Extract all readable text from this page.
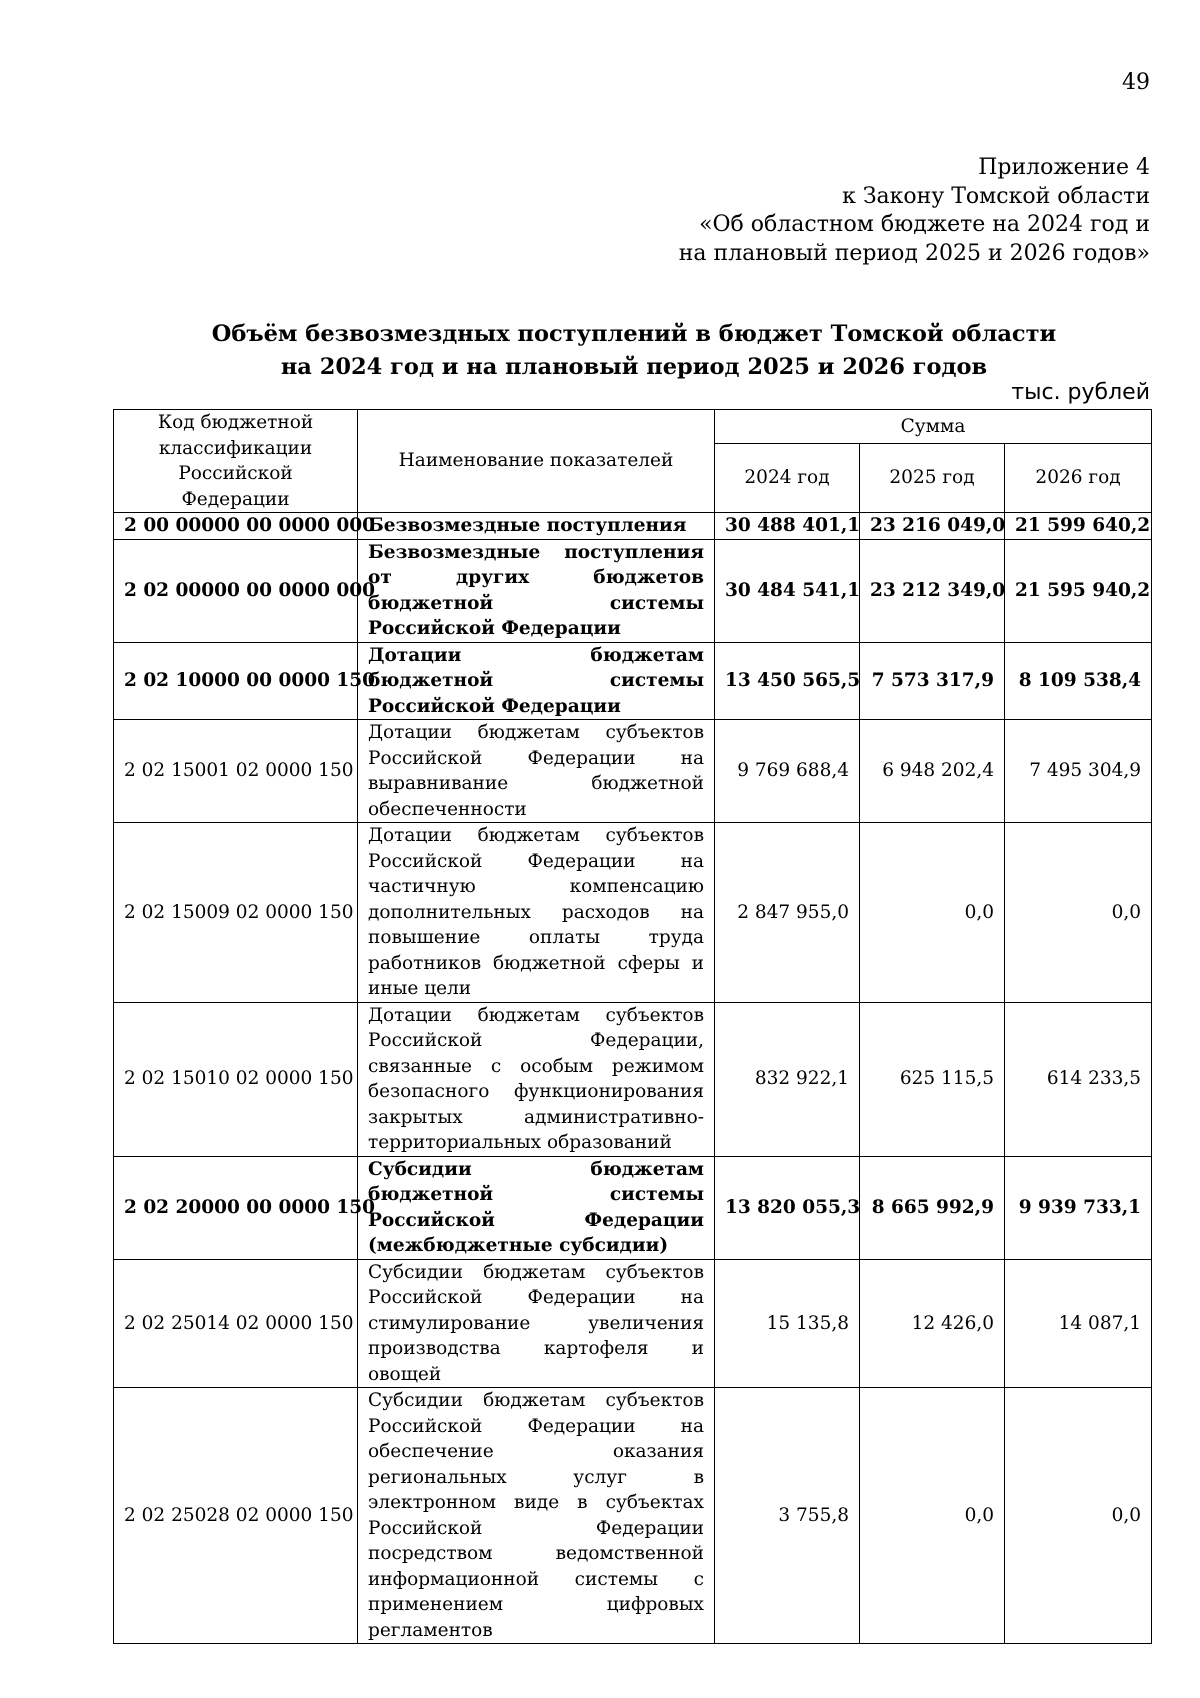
49
Приложение 4
к Закону Томской области
«Об областном бюджете на 2024 год и
на плановый период 2025 и 2026 годов»
Объём безвозмездных поступлений в бюджет Томской области
на 2024 год и на плановый период 2025 и 2026 годов
тыс. рублей
Код бюджетной классификации Российской Федерации	Наименование показателей	Сумма		
		2024 год	2025 год	2026 год
2 00 00000 00 0000 000	Безвозмездные поступления	30 488 401,1	23 216 049,0	21 599 640,2
2 02 00000 00 0000 000	Безвозмездные поступления от других бюджетов бюджетной системы Российской Федерации	30 484 541,1	23 212 349,0	21 595 940,2
2 02 10000 00 0000 150	Дотации бюджетам бюджетной системы Российской Федерации	13 450 565,5	7 573 317,9	8 109 538,4
2 02 15001 02 0000 150	Дотации бюджетам субъектов Российской Федерации на выравнивание бюджетной обеспеченности	9 769 688,4	6 948 202,4	7 495 304,9
2 02 15009 02 0000 150	Дотации бюджетам субъектов Российской Федерации на частичную компенсацию дополнительных расходов на повышение оплаты труда работников бюджетной сферы и иные цели	2 847 955,0	0,0	0,0
2 02 15010 02 0000 150	Дотации бюджетам субъектов Российской Федерации, связанные с особым режимом безопасного функционирования закрытых административно-территориальных образований	832 922,1	625 115,5	614 233,5
2 02 20000 00 0000 150	Субсидии бюджетам бюджетной системы Российской Федерации (межбюджетные субсидии)	13 820 055,3	8 665 992,9	9 939 733,1
2 02 25014 02 0000 150	Субсидии бюджетам субъектов Российской Федерации на стимулирование увеличения производства картофеля и овощей	15 135,8	12 426,0	14 087,1
2 02 25028 02 0000 150	Субсидии бюджетам субъектов Российской Федерации на обеспечение оказания региональных услуг в электронном виде в субъектах Российской Федерации посредством ведомственной информационной системы с применением цифровых регламентов	3 755,8	0,0	0,0
